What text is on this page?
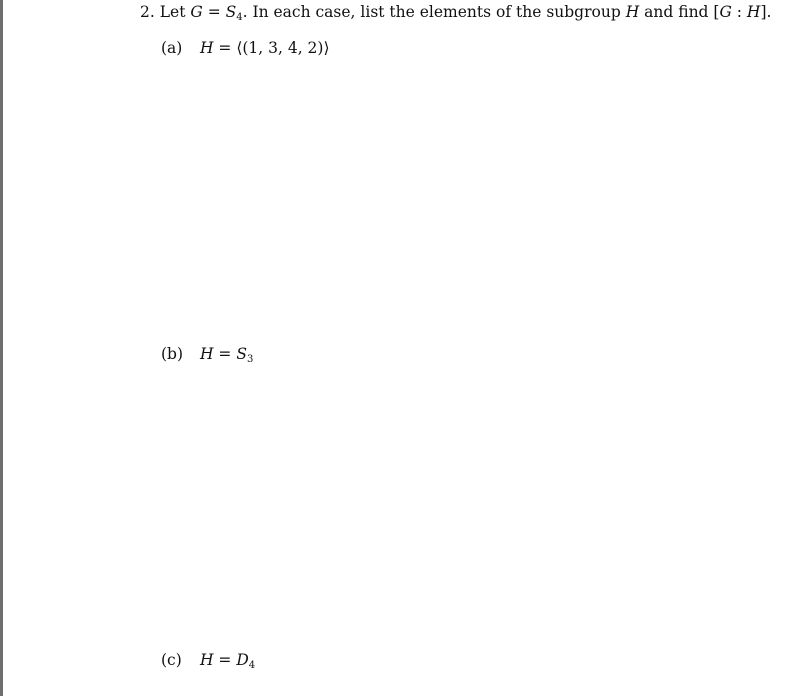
2. Let G = S4. In each case, list the elements of the subgroup H and find [G : H].
(a) H = ⟨(1, 3, 4, 2)⟩
(b) H = S3
(c) H = D4
